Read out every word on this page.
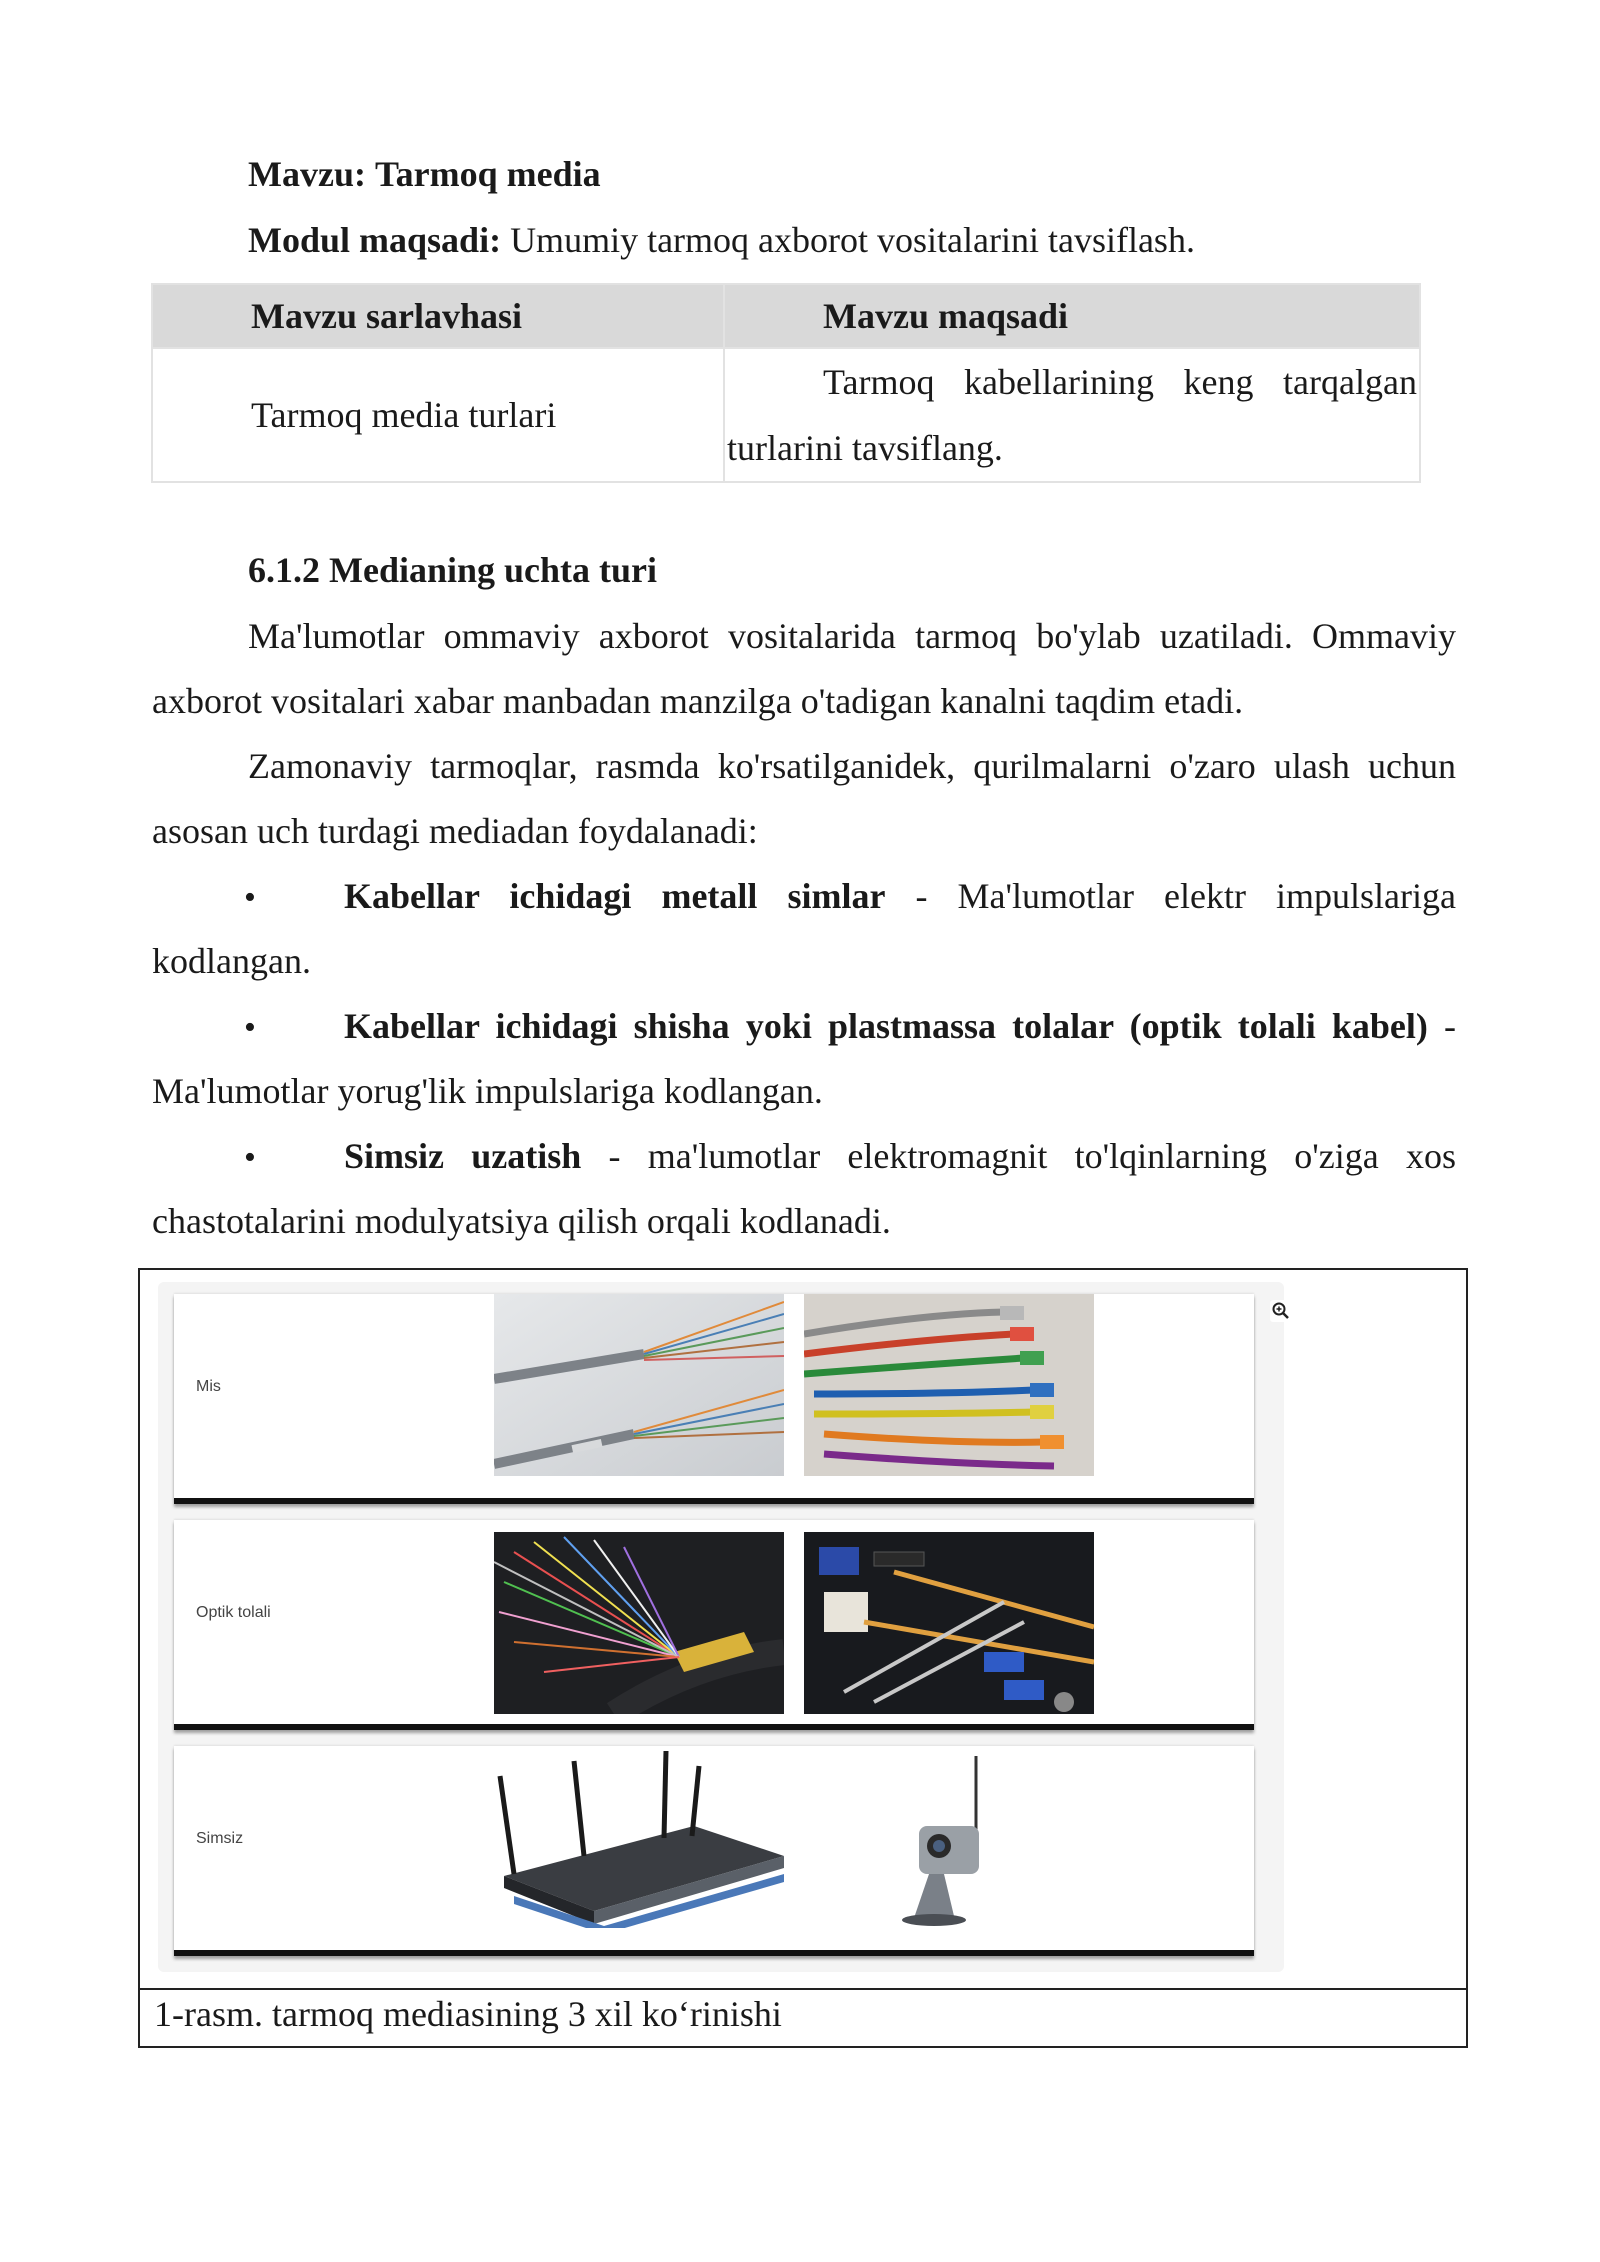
Mavzu: Tarmoq media
Modul maqsadi: Umumiy tarmoq axborot vositalarini tavsiflash.
Mavzu sarlavhasi	Mavzu maqsadi

Tarmoq media turlari	Tarmoq kabellarining keng tarqalgan
turlarini tavsiflang.
6.1.2 Medianing uchta turi
Ma'lumotlar ommaviy axborot vositalarida tarmoq bo'ylab uzatiladi. Ommaviy
axborot vositalari xabar manbadan manzilga o'tadigan kanalni taqdim etadi.
Zamonaviy tarmoqlar, rasmda ko'rsatilganidek, qurilmalarni o'zaro ulash uchun
asosan uch turdagi mediadan foydalanadi:
• Kabellar ichidagi metall simlar - Ma'lumotlar elektr impulslariga
kodlangan.
• Kabellar ichidagi shisha yoki plastmassa tolalar (optik tolali kabel) -
Ma'lumotlar yorug'lik impulslariga kodlangan.
• Simsiz uzatish - ma'lumotlar elektromagnit to'lqinlarning o'ziga xos
chastotalarini modulyatsiya qilish orqali kodlanadi.
Mis
Optik tolali
Simsiz
1-rasm. tarmoq mediasining 3 xil koʻrinishi
